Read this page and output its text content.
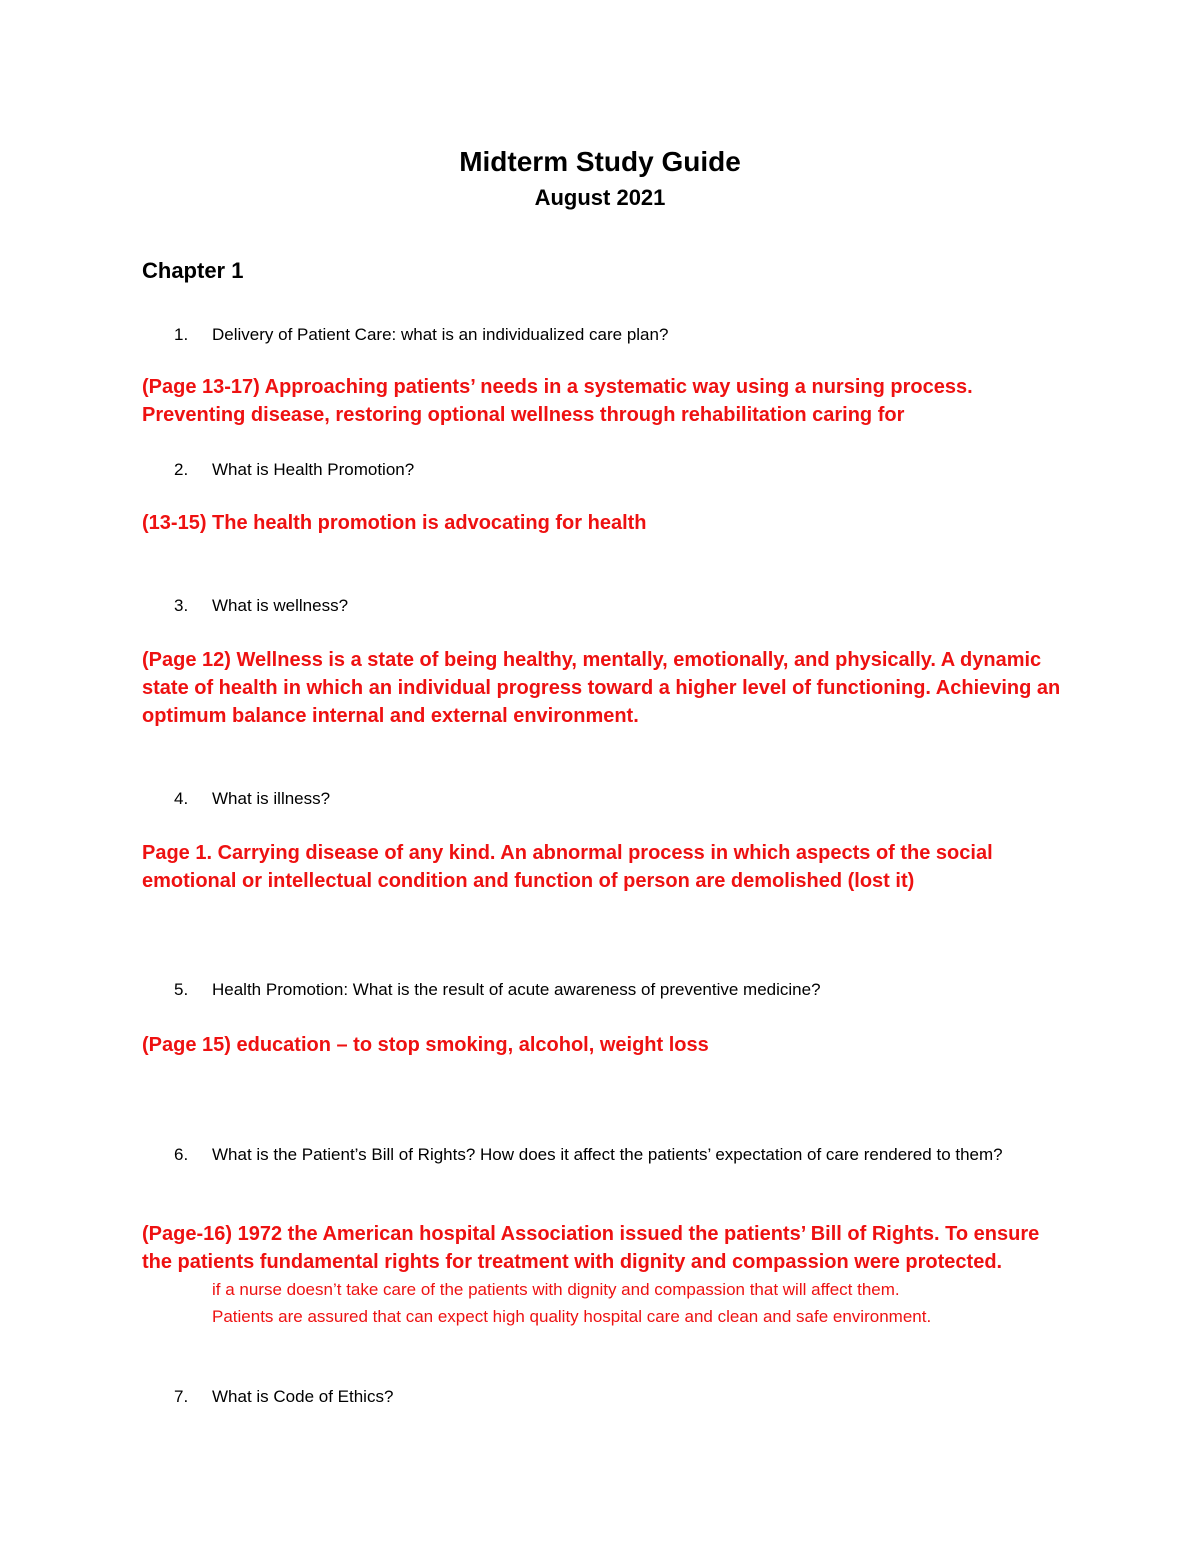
Midterm Study Guide
August 2021
Chapter 1
1. Delivery of Patient Care: what is an individualized care plan?
(Page 13-17) Approaching patients’ needs in a systematic way using a nursing process. Preventing disease, restoring optional wellness through rehabilitation caring for
2. What is Health Promotion?
(13-15) The health promotion is advocating for health
3. What is wellness?
(Page 12) Wellness is a state of being healthy, mentally, emotionally, and physically. A dynamic state of health in which an individual progress toward a higher level of functioning. Achieving an optimum balance internal and external environment.
4. What is illness?
Page 1. Carrying disease of any kind. An abnormal process in which aspects of the social emotional or intellectual condition and function of person are demolished (lost it)
5. Health Promotion: What is the result of acute awareness of preventive medicine?
(Page 15) education – to stop smoking, alcohol, weight loss
6. What is the Patient’s Bill of Rights? How does it affect the patients’ expectation of care rendered to them?
(Page-16) 1972 the American hospital Association issued the patients’ Bill of Rights. To ensure the patients fundamental rights for treatment with dignity and compassion were protected.
if a nurse doesn’t take care of the patients with dignity and compassion that will affect them.
Patients are assured that can expect high quality hospital care and clean and safe environment.
7. What is Code of Ethics?
